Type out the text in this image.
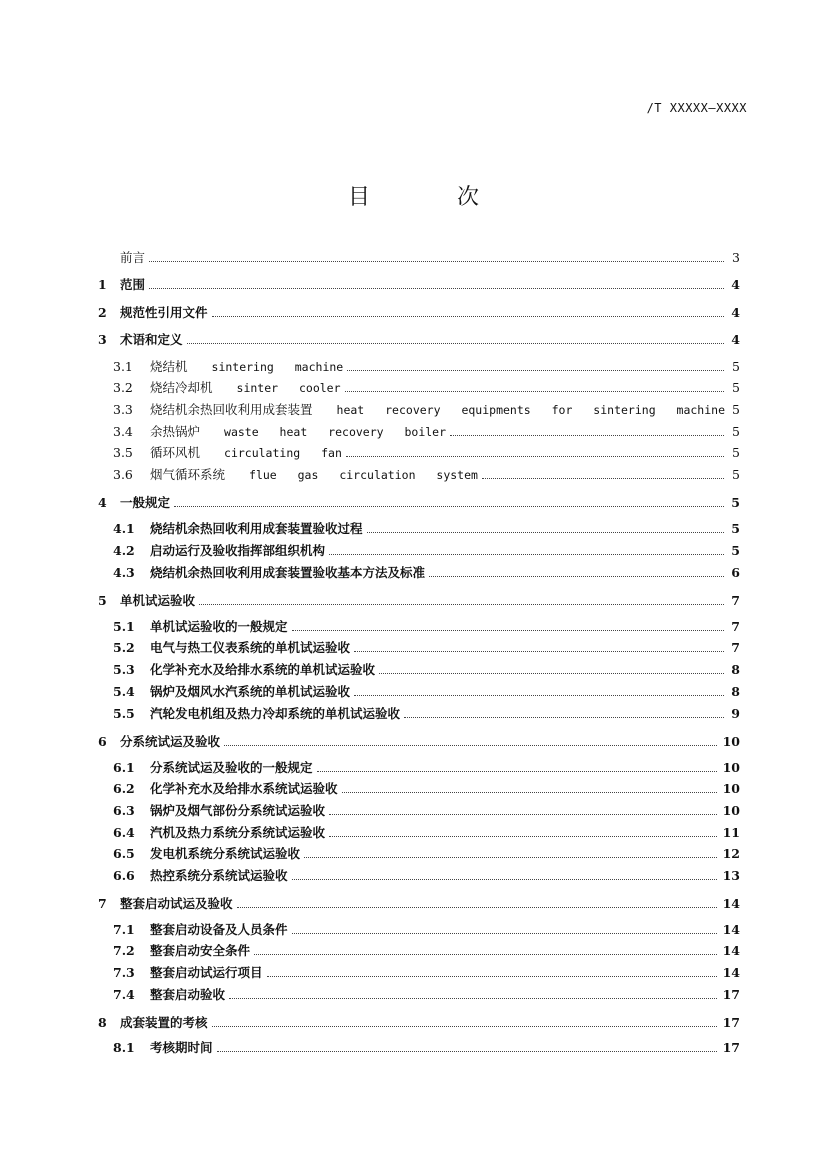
/T XXXXX—XXXX
目 次
前言	3
1	范围	4
2	规范性引用文件	4
3	术语和定义	4
3.1	烧结机 sintering machine	5
3.2	烧结冷却机 sinter cooler	5
3.3	烧结机余热回收利用成套装置 heat recovery equipments for sintering machine 5
3.4	余热锅炉 waste heat recovery boiler	5
3.5	循环风机 circulating fan	5
3.6	烟气循环系统 flue gas circulation system	5
4	一般规定	5
4.1	烧结机余热回收利用成套装置验收过程	5
4.2	启动运行及验收指挥部组织机构	5
4.3	烧结机余热回收利用成套装置验收基本方法及标准	6
5	单机试运验收	7
5.1	单机试运验收的一般规定	7
5.2	电气与热工仪表系统的单机试运验收	7
5.3	化学补充水及给排水系统的单机试运验收	8
5.4	锅炉及烟风水汽系统的单机试运验收	8
5.5	汽轮发电机组及热力冷却系统的单机试运验收	9
6	分系统试运及验收	10
6.1	分系统试运及验收的一般规定	10
6.2	化学补充水及给排水系统试运验收	10
6.3	锅炉及烟气部份分系统试运验收	10
6.4	汽机及热力系统分系统试运验收	11
6.5	发电机系统分系统试运验收	12
6.6	热控系统分系统试运验收	13
7	整套启动试运及验收	14
7.1	整套启动设备及人员条件	14
7.2	整套启动安全条件	14
7.3	整套启动试运行项目	14
7.4	整套启动验收	17
8	成套装置的考核	17
8.1	考核期时间	17
